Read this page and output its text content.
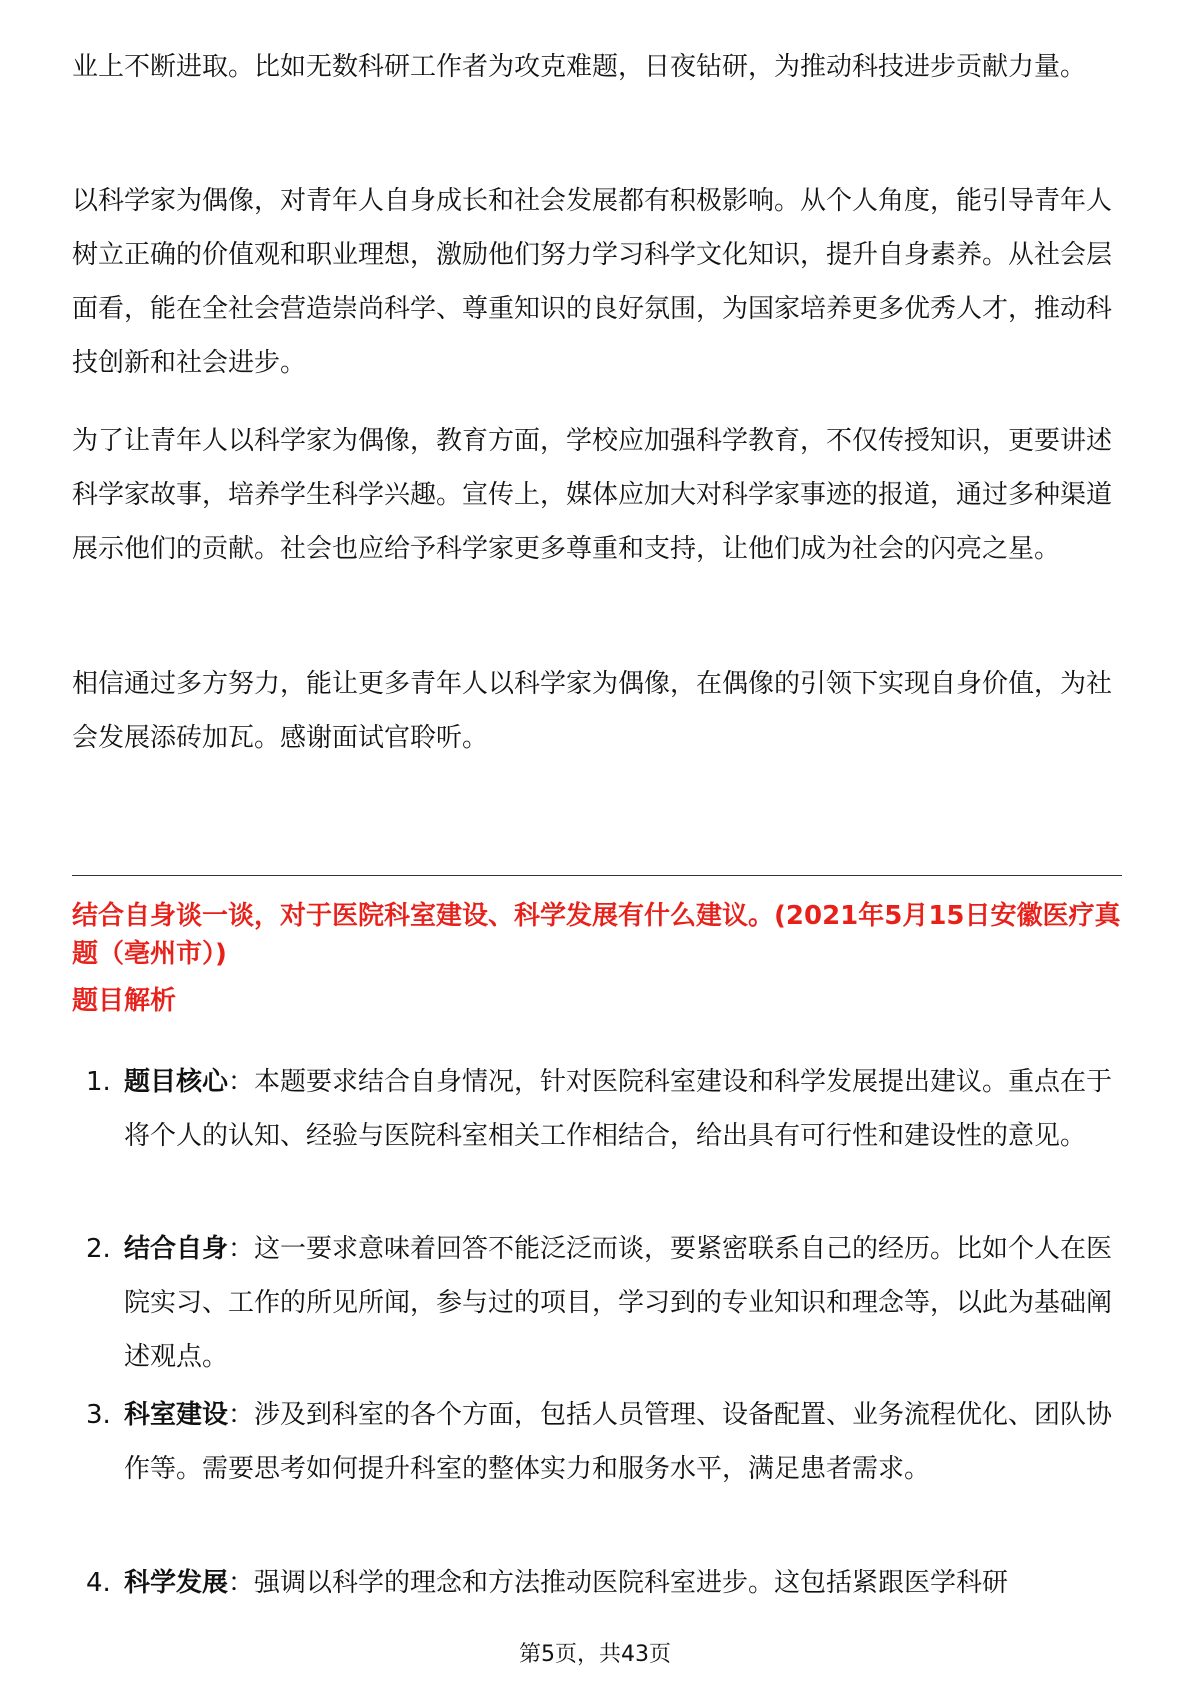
业上不断进取。比如无数科研工作者为攻克难题，日夜钻研，为推动科技进步贡献力量。

以科学家为偶像，对青年人自身成长和社会发展都有积极影响。从个人角度，能引导青年人树立正确的价值观和职业理想，激励他们努力学习科学文化知识，提升自身素养。从社会层面看，能在全社会营造崇尚科学、尊重知识的良好氛围，为国家培养更多优秀人才，推动科技创新和社会进步。

为了让青年人以科学家为偶像，教育方面，学校应加强科学教育，不仅传授知识，更要讲述科学家故事，培养学生科学兴趣。宣传上，媒体应加大对科学家事迹的报道，通过多种渠道展示他们的贡献。社会也应给予科学家更多尊重和支持，让他们成为社会的闪亮之星。

相信通过多方努力，能让更多青年人以科学家为偶像，在偶像的引领下实现自身价值，为社会发展添砖加瓦。感谢面试官聆听。

结合自身谈一谈，对于医院科室建设、科学发展有什么建议。(2021年5月15日安徽医疗真题（亳州市）)

题目解析

1. 题目核心：本题要求结合自身情况，针对医院科室建设和科学发展提出建议。重点在于将个人的认知、经验与医院科室相关工作相结合，给出具有可行性和建设性的意见。
2. 结合自身：这一要求意味着回答不能泛泛而谈，要紧密联系自己的经历。比如个人在医院实习、工作的所见所闻，参与过的项目，学习到的专业知识和理念等，以此为基础阐述观点。
3. 科室建设：涉及到科室的各个方面，包括人员管理、设备配置、业务流程优化、团队协作等。需要思考如何提升科室的整体实力和服务水平，满足患者需求。
4. 科学发展：强调以科学的理念和方法推动医院科室进步。这包括紧跟医学科研
第5页，共43页
